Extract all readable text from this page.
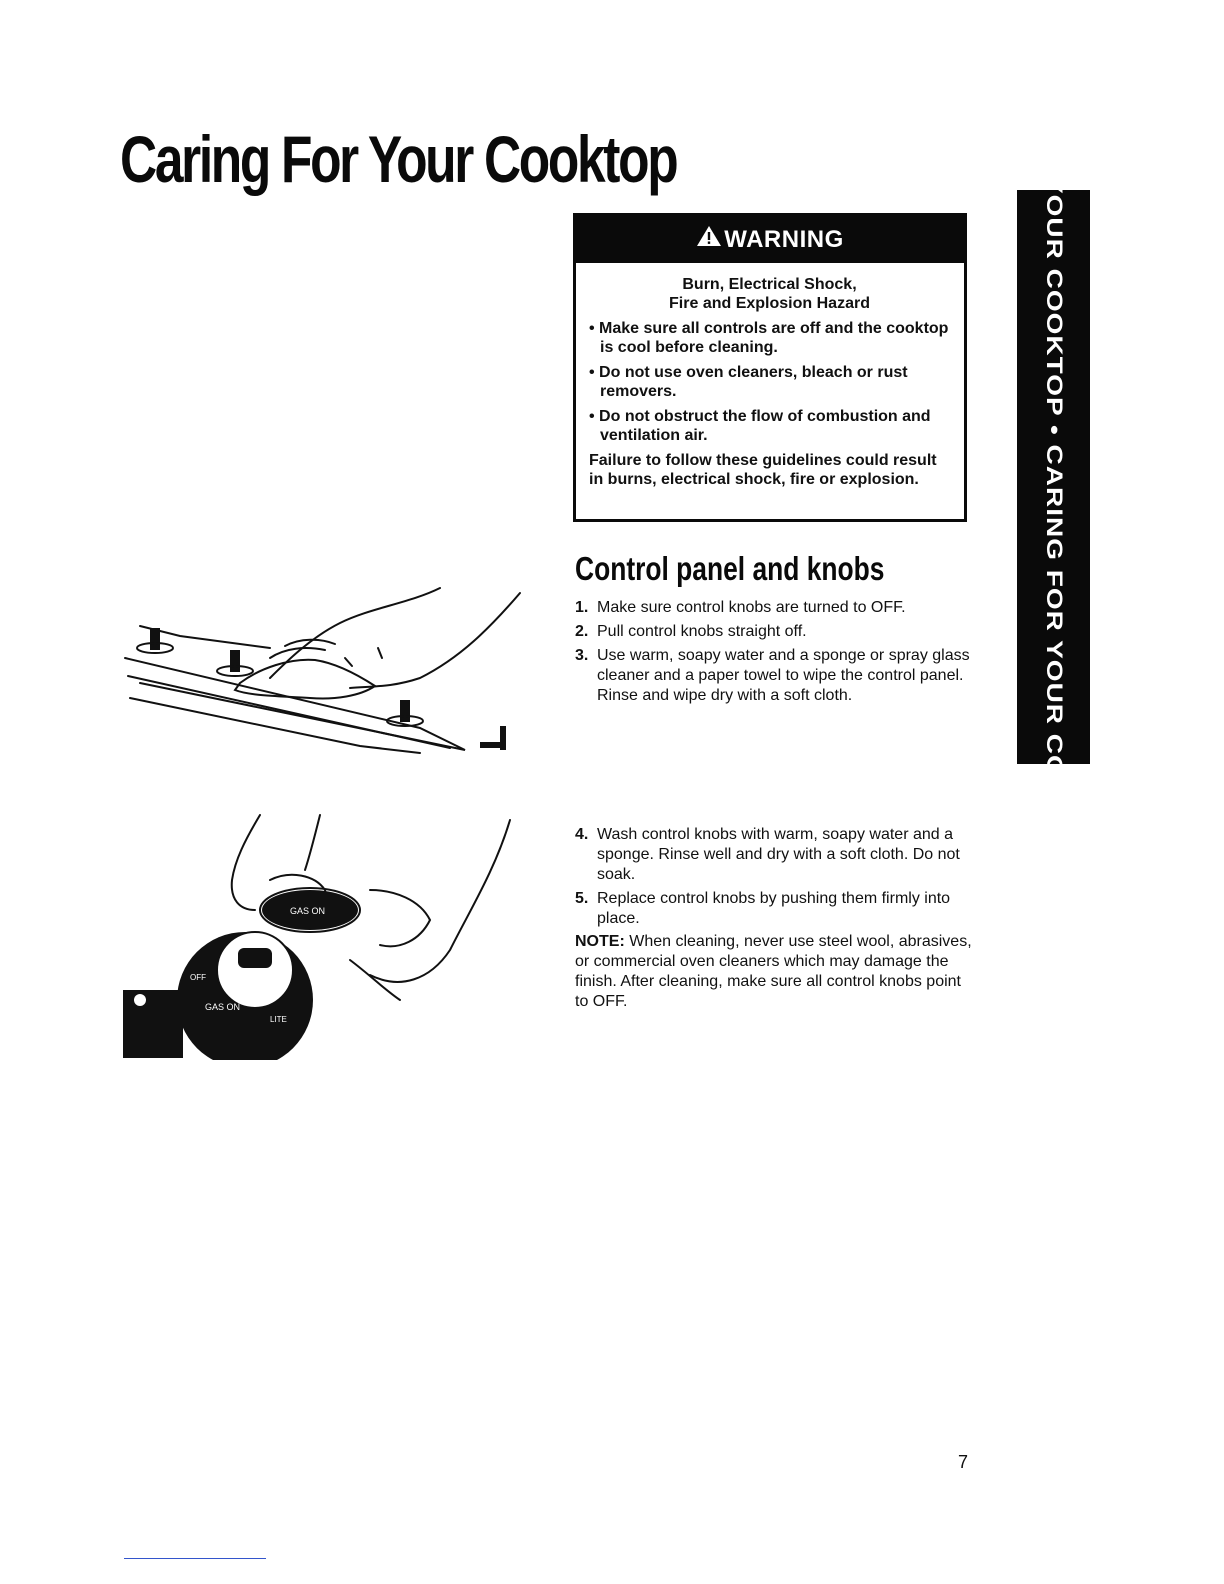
Caring For Your Cooktop
WARNING

Burn, Electrical Shock,
Fire and Explosion Hazard

• Make sure all controls are off and the cooktop is cool before cleaning.
• Do not use oven cleaners, bleach or rust removers.
• Do not obstruct the flow of combustion and ventilation air.

Failure to follow these guidelines could result in burns, electrical shock, fire or explosion.

Control panel and knobs
1. Make sure control knobs are turned to OFF.
2. Pull control knobs straight off.
3. Use warm, soapy water and a sponge or spray glass cleaner and a paper towel to wipe the control panel. Rinse and wipe dry with a soft cloth.
4. Wash control knobs with warm, soapy water and a sponge. Rinse well and dry with a soft cloth. Do not soak.
5. Replace control knobs by pushing them firmly into place.

NOTE: When cleaning, never use steel wool, abrasives, or commercial oven cleaners which may damage the finish. After cleaning, make sure all control knobs point to OFF.

USING YOUR COOKTOP • CARING FOR YOUR COOKTOP
GAS ON
GAS ON
OFF
LITE
7
